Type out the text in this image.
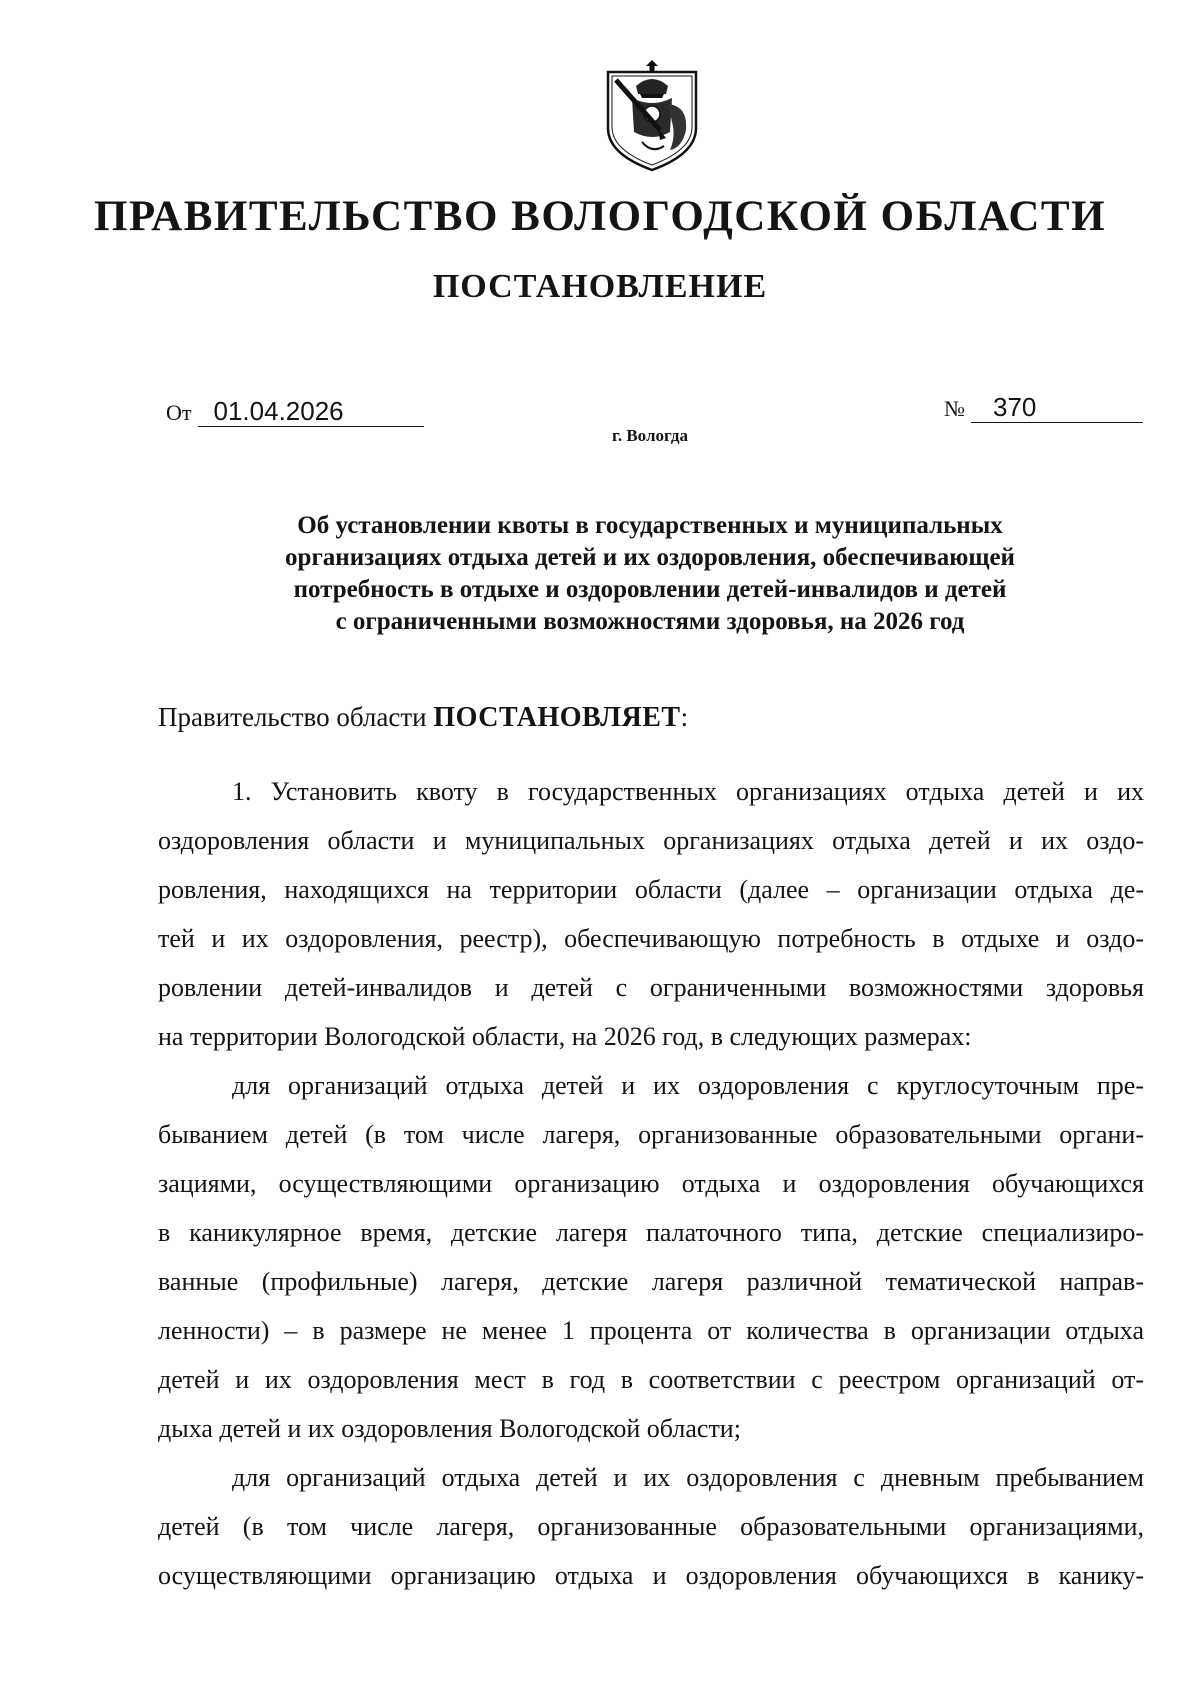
ПРАВИТЕЛЬСТВО ВОЛОГОДСКОЙ ОБЛАСТИ
ПОСТАНОВЛЕНИЕ
От 01.04.2026	№ 370
г. Вологда
Об установлении квоты в государственных и муниципальных
организациях отдыха детей и их оздоровления, обеспечивающей
потребность в отдыхе и оздоровлении детей-инвалидов и детей
с ограниченными возможностями здоровья, на 2026 год
Правительство области ПОСТАНОВЛЯЕТ:
1. Установить квоту в государственных организациях отдыха детей и их
оздоровления области и муниципальных организациях отдыха детей и их оздо-
ровления, находящихся на территории области (далее – организации отдыха де-
тей и их оздоровления, реестр), обеспечивающую потребность в отдыхе и оздо-
ровлении детей-инвалидов и детей с ограниченными возможностями здоровья
на территории Вологодской области, на 2026 год, в следующих размерах:
для организаций отдыха детей и их оздоровления с круглосуточным пре-
быванием детей (в том числе лагеря, организованные образовательными органи-
зациями, осуществляющими организацию отдыха и оздоровления обучающихся
в каникулярное время, детские лагеря палаточного типа, детские специализиро-
ванные (профильные) лагеря, детские лагеря различной тематической направ-
ленности) – в размере не менее 1 процента от количества в организации отдыха
детей и их оздоровления мест в год в соответствии с реестром организаций от-
дыха детей и их оздоровления Вологодской области;
для организаций отдыха детей и их оздоровления с дневным пребыванием
детей (в том числе лагеря, организованные образовательными организациями,
осуществляющими организацию отдыха и оздоровления обучающихся в канику-
